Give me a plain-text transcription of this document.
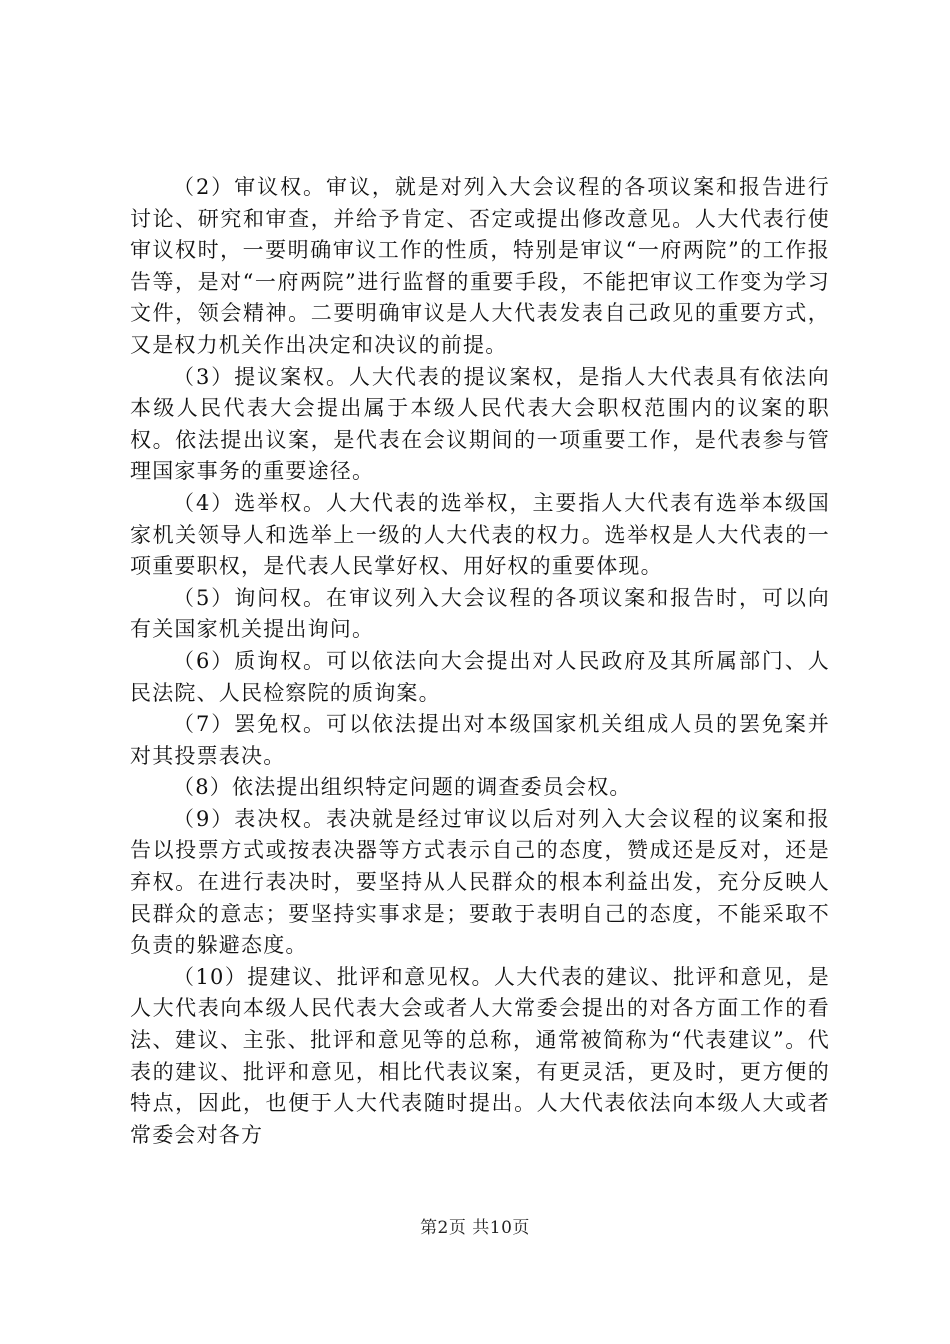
（2）审议权。审议，就是对列入大会议程的各项议案和报告进行讨论、研究和审查，并给予肯定、否定或提出修改意见。人大代表行使审议权时，一要明确审议工作的性质，特别是审议“一府两院”的工作报告等，是对“一府两院”进行监督的重要手段，不能把审议工作变为学习文件，领会精神。二要明确审议是人大代表发表自己政见的重要方式，又是权力机关作出决定和决议的前提。

（3）提议案权。人大代表的提议案权，是指人大代表具有依法向本级人民代表大会提出属于本级人民代表大会职权范围内的议案的职权。依法提出议案，是代表在会议期间的一项重要工作，是代表参与管理国家事务的重要途径。

（4）选举权。人大代表的选举权，主要指人大代表有选举本级国家机关领导人和选举上一级的人大代表的权力。选举权是人大代表的一项重要职权，是代表人民掌好权、用好权的重要体现。

（5）询问权。在审议列入大会议程的各项议案和报告时，可以向有关国家机关提出询问。

（6）质询权。可以依法向大会提出对人民政府及其所属部门、人民法院、人民检察院的质询案。

（7）罢免权。可以依法提出对本级国家机关组成人员的罢免案并对其投票表决。

（8）依法提出组织特定问题的调查委员会权。

（9）表决权。表决就是经过审议以后对列入大会议程的议案和报告以投票方式或按表决器等方式表示自己的态度，赞成还是反对，还是弃权。在进行表决时，要坚持从人民群众的根本利益出发，充分反映人民群众的意志；要坚持实事求是；要敢于表明自己的态度，不能采取不负责的躲避态度。

（10）提建议、批评和意见权。人大代表的建议、批评和意见，是人大代表向本级人民代表大会或者人大常委会提出的对各方面工作的看法、建议、主张、批评和意见等的总称，通常被简称为“代表建议”。代表的建议、批评和意见，相比代表议案，有更灵活，更及时，更方便的特点，因此，也便于人大代表随时提出。人大代表依法向本级人大或者常委会对各方

第2页 共10页
